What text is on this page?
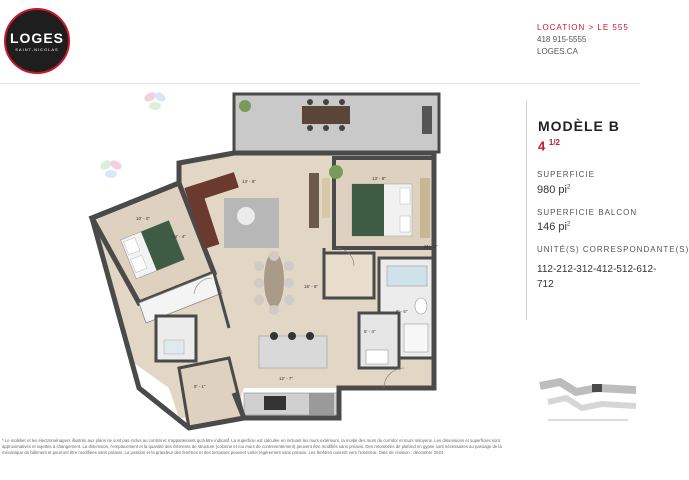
LOGES
SAINT-NICOLAS
LOCATION > LE 555
418 915-5555
LOGES.CA
MODÈLE B
4 $^{1/2}$
SUPERFICIE
980 $pi^2$
SUPERFICIE BALCON
146 $pi^2$
UNITÉ(S) CORRESPONDANTE(S)
112-212-312-412-512-612-
712
10' - 0"
14' - 4"
13' - 8"
13' - 8"
11' - 0"
18' - 6"
12' - 7"
8' - 5"
5' - 4"
8' - 1"
* Le mobilier et les électroménagers illustrés aux plans ne sont pas inclus au contrat et n'apparaissent qu'à titre indicatif. La superficie est calculée en incluant les murs extérieurs, la moitié des murs du corridor et murs mitoyens. Les dimensions et superficies sont approximatives et sujettes à changement. La dimension, l'emplacement et la quantité des éléments de structure (colonne et /ou murs de contreventement) peuvent être modifiés sans préavis. Des retombées de plafond en gypse sont nécessaires au passage de la mécanique du bâtiment et pourront être modifiées sans préavis. La position et la grandeur des fenêtres et des terrasses peuvent varier légèrement sans préavis. Les fenêtres ouvrent vers l'extérieur. Date de révision : décembre 2024
